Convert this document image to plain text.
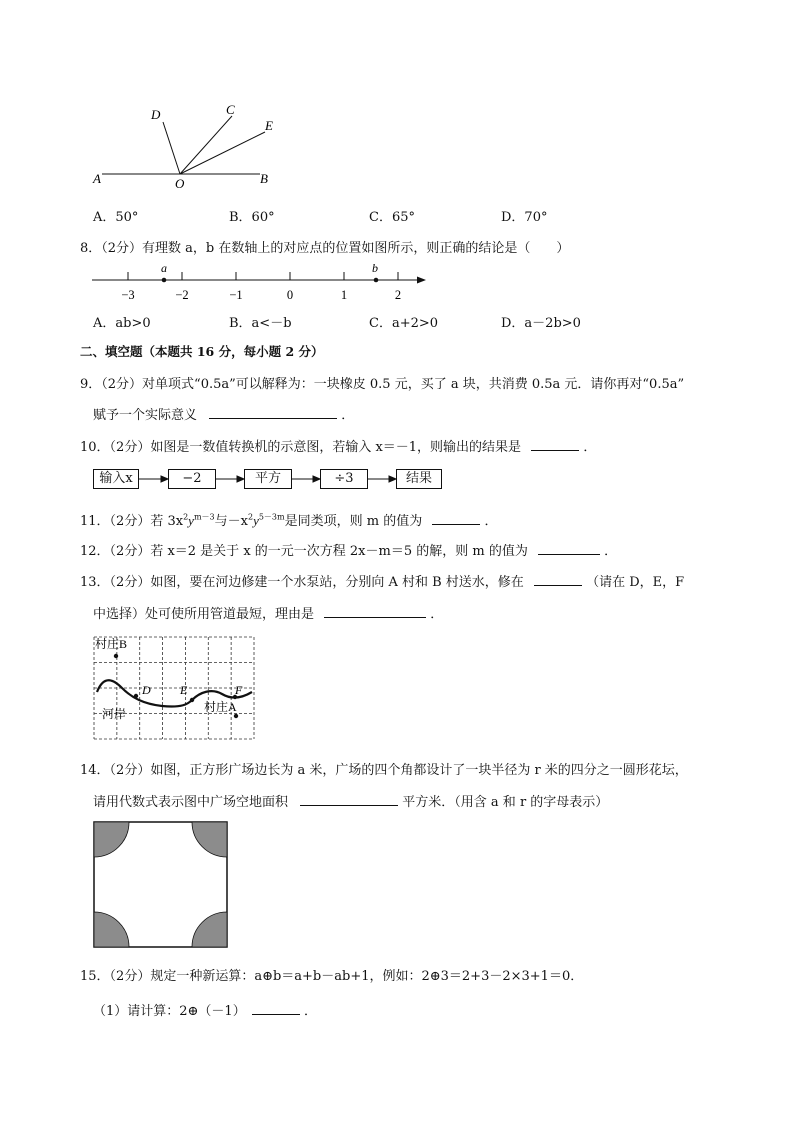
D	C
E
A	O	B
A．50°	B．60°	C．65°	D．70°
8．（2分）有理数 a，b 在数轴上的对应点的位置如图所示，则正确的结论是（　　）
−3	−2	−1	0	1	2
a	b
A．ab>0	B．a<－b	C．a+2>0	D．a－2b>0
二、填空题（本题共 16 分，每小题 2 分）
9．（2分）对单项式“0.5a”可以解释为：一块橡皮 0.5 元，买了 a 块，共消费 0.5a 元．请你再对“0.5a”
赋予一个实际意义	．
10．（2分）如图是一数值转换机的示意图，若输入 x＝－1，则输出的结果是	．
输入x	−2	平方	÷3	结果
11．（2分）若 $3x^2y^{m-3}$与$-x^2y^{5-3m}$是同类项，则 m 的值为	．
12．（2分）若 x＝2 是关于 x 的一元一次方程 2x－m＝5 的解，则 m 的值为	．
13．（2分）如图，要在河边修建一个水泵站，分别向 A 村和 B 村送水，修在	（请在 D，E，F
中选择）处可使所用管道最短，理由是	．
村庄B
D E	F
河岸	村庄A
14．（2分）如图，正方形广场边长为 a 米，广场的四个角都设计了一块半径为 r 米的四分之一圆形花坛，
请用代数式表示图中广场空地面积	平方米．（用含 a 和 r 的字母表示）
15．（2分）规定一种新运算：a⊕b＝a+b－ab+1，例如：2⊕3＝2+3－2×3+1＝0．
（1）请计算：2⊕（－1）	．
